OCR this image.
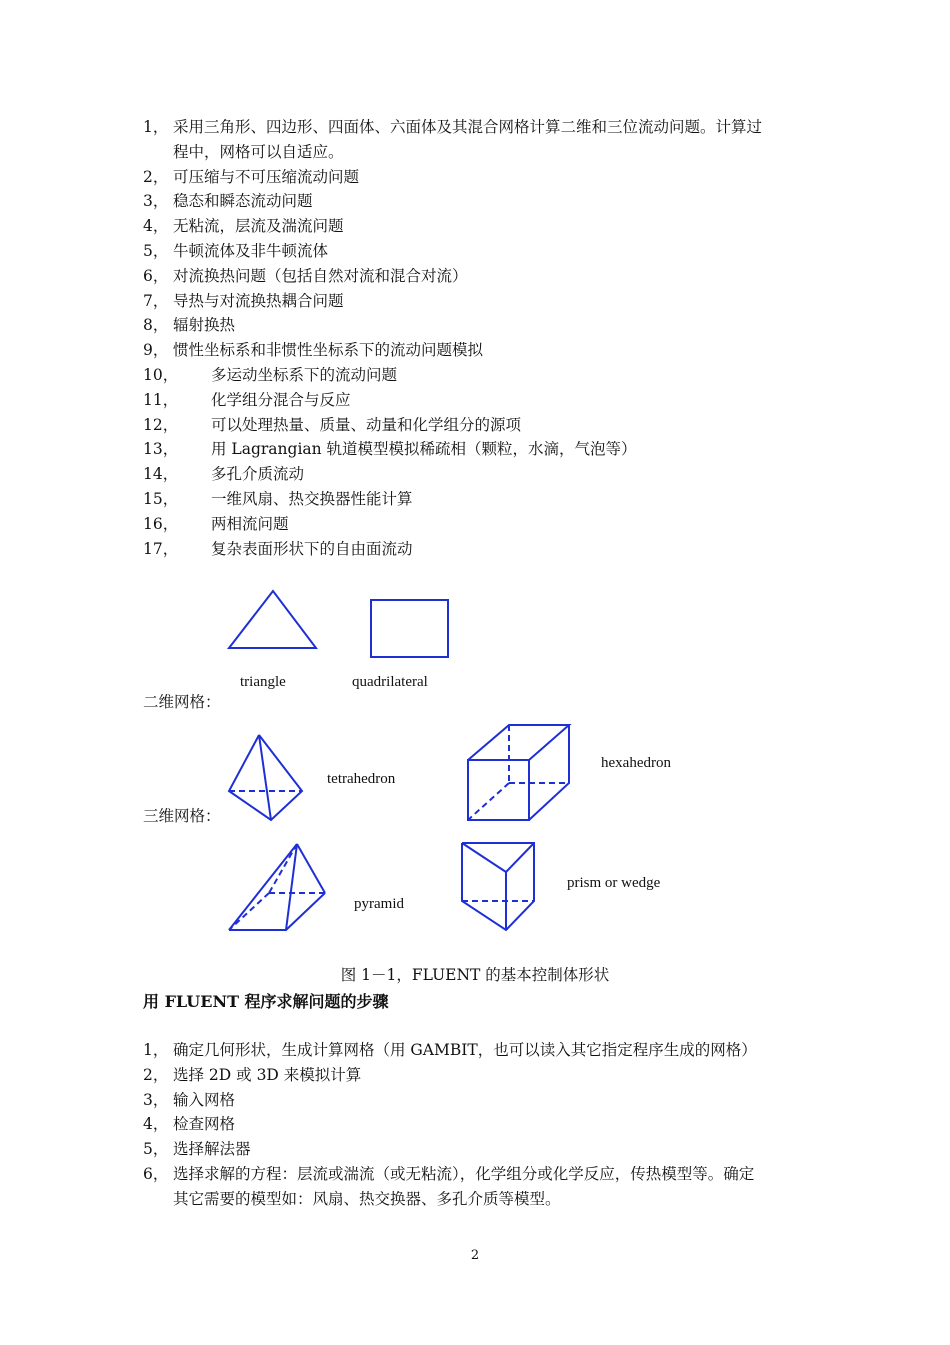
1， 采用三角形、四边形、四面体、六面体及其混合网格计算二维和三位流动问题。计算过
程中，网格可以自适应。
2， 可压缩与不可压缩流动问题
3， 稳态和瞬态流动问题
4， 无粘流，层流及湍流问题
5， 牛顿流体及非牛顿流体
6， 对流换热问题（包括自然对流和混合对流）
7， 导热与对流换热耦合问题
8， 辐射换热
9， 惯性坐标系和非惯性坐标系下的流动问题模拟
10， 多运动坐标系下的流动问题
11， 化学组分混合与反应
12， 可以处理热量、质量、动量和化学组分的源项
13， 用 Lagrangian 轨道模型模拟稀疏相（颗粒，水滴，气泡等）
14， 多孔介质流动
15， 一维风扇、热交换器性能计算
16， 两相流问题
17， 复杂表面形状下的自由面流动
triangle	quadrilateral
二维网格：
tetrahedron
hexahedron
三维网格：
pyramid
prism or wedge
图 1－1，FLUENT 的基本控制体形状
用 FLUENT 程序求解问题的步骤
1， 确定几何形状，生成计算网格（用 GAMBIT，也可以读入其它指定程序生成的网格）
2， 选择 2D 或 3D 来模拟计算
3， 输入网格
4， 检查网格
5， 选择解法器
6， 选择求解的方程：层流或湍流（或无粘流），化学组分或化学反应，传热模型等。确定
其它需要的模型如：风扇、热交换器、多孔介质等模型。
2
